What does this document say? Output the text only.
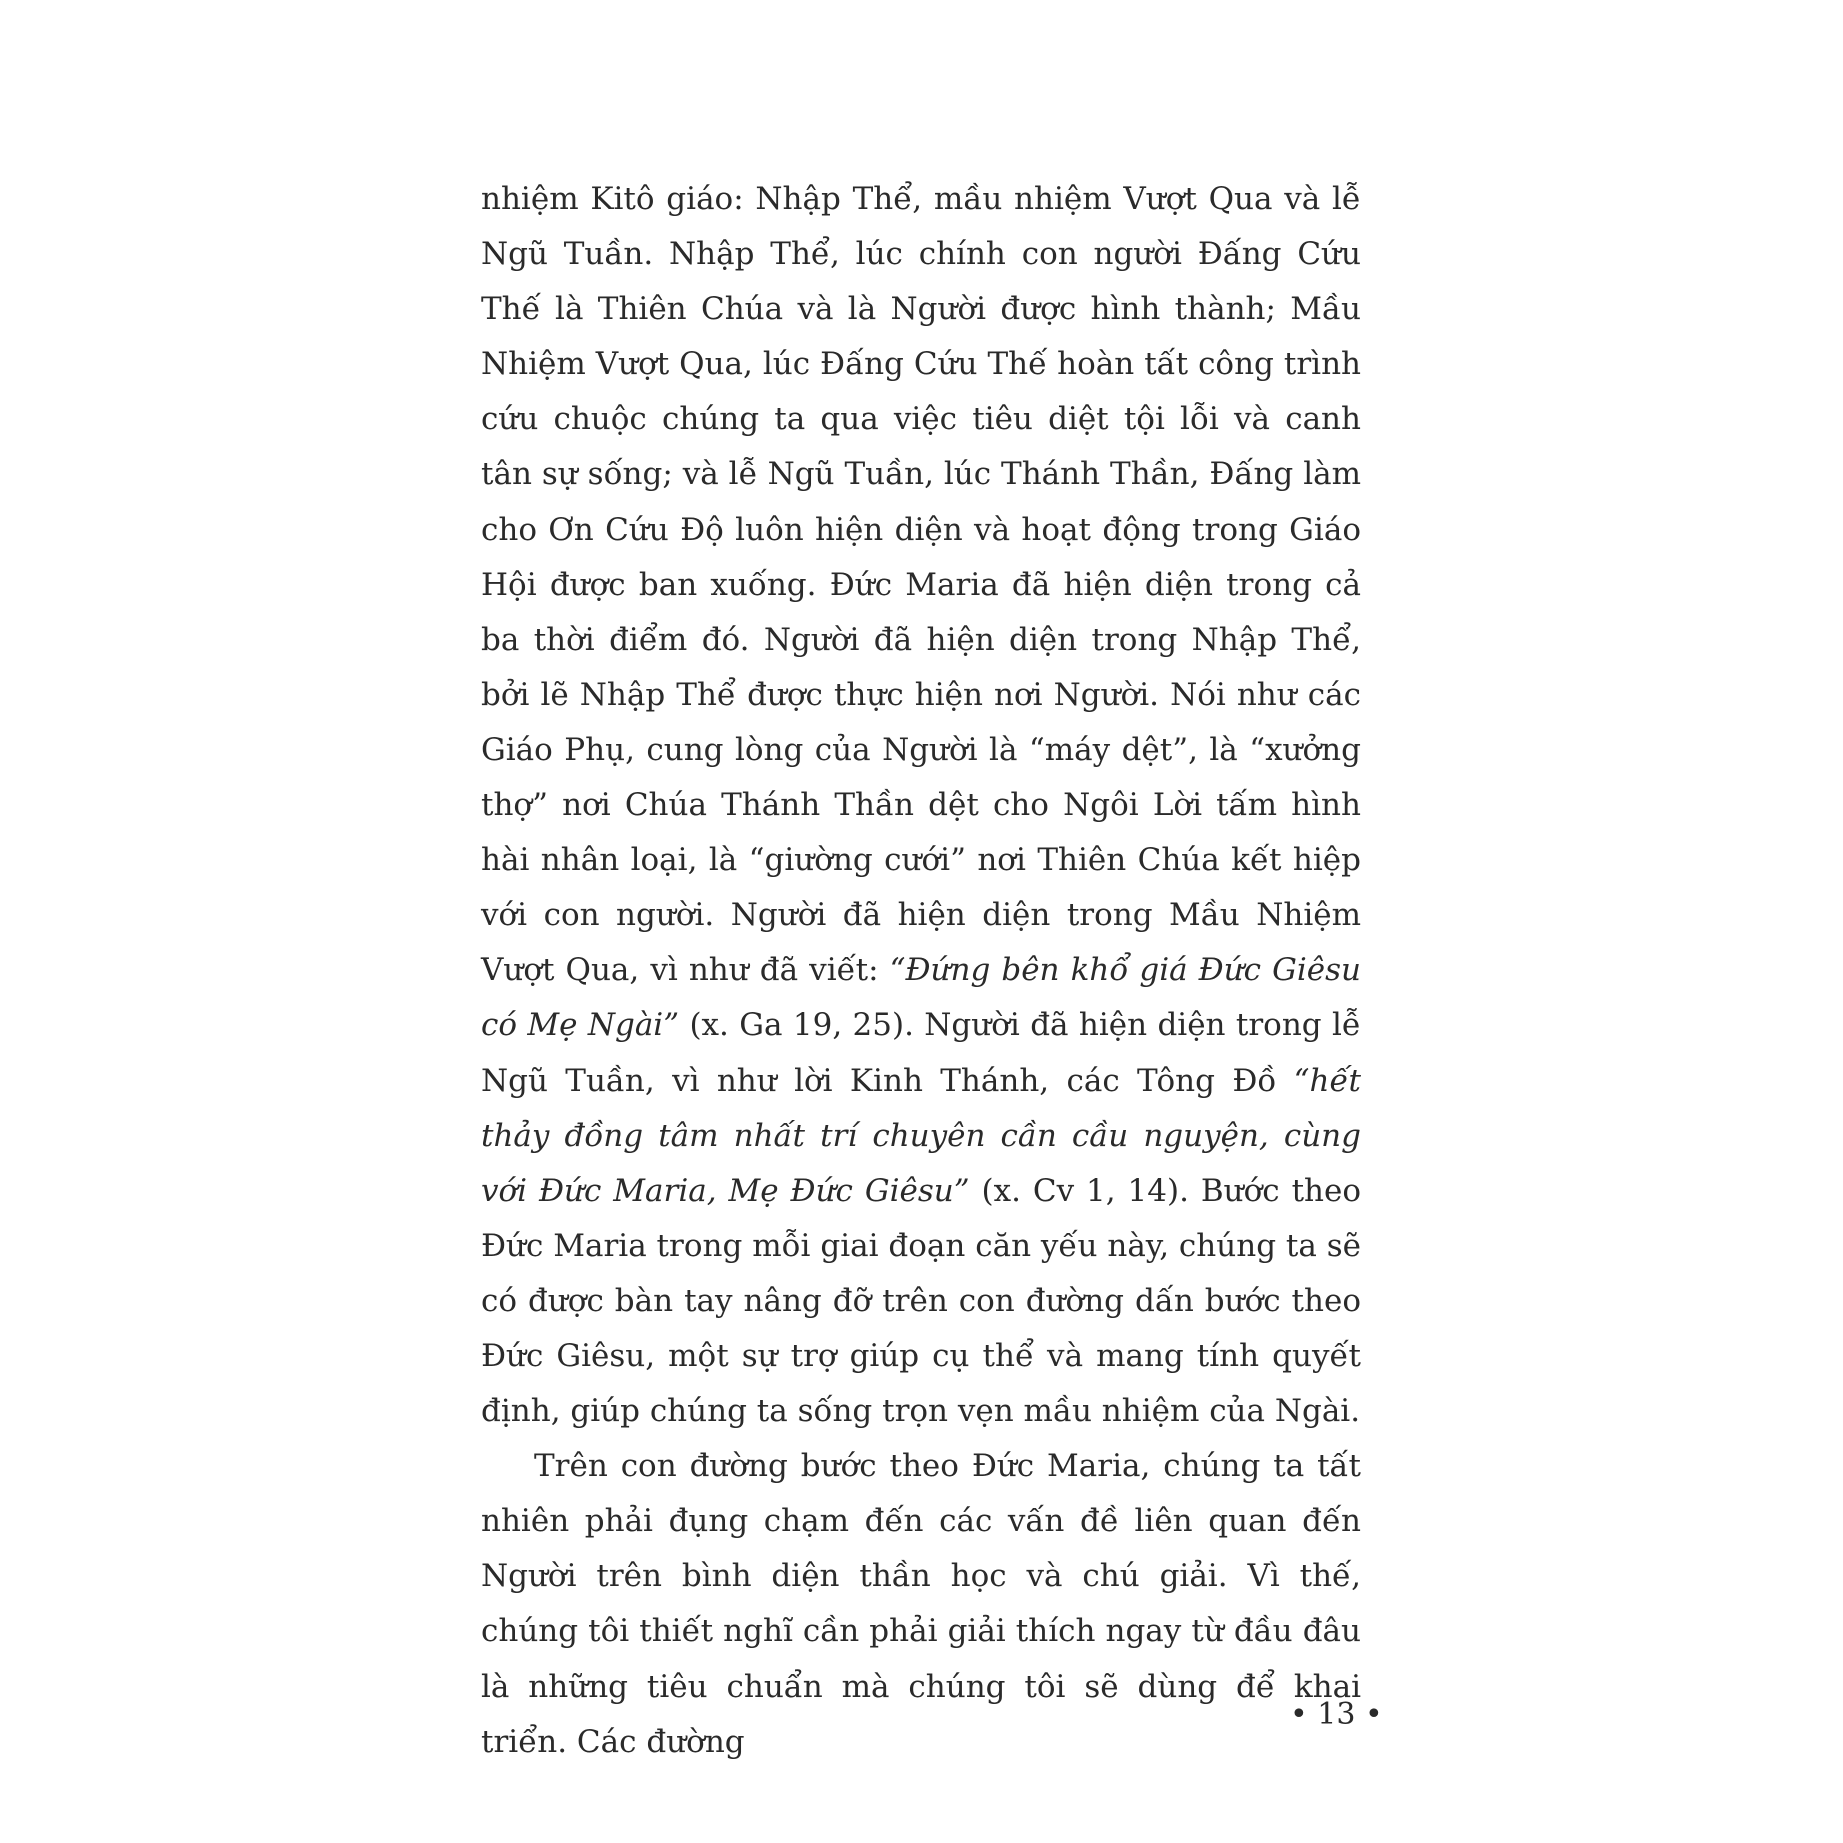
nhiệm Kitô giáo: Nhập Thể, mầu nhiệm Vượt Qua và lễ Ngũ Tuần. Nhập Thể, lúc chính con người Đấng Cứu Thế là Thiên Chúa và là Người được hình thành; Mầu Nhiệm Vượt Qua, lúc Đấng Cứu Thế hoàn tất công trình cứu chuộc chúng ta qua việc tiêu diệt tội lỗi và canh tân sự sống; và lễ Ngũ Tuần, lúc Thánh Thần, Đấng làm cho Ơn Cứu Độ luôn hiện diện và hoạt động trong Giáo Hội được ban xuống. Đức Maria đã hiện diện trong cả ba thời điểm đó. Người đã hiện diện trong Nhập Thể, bởi lẽ Nhập Thể được thực hiện nơi Người. Nói như các Giáo Phụ, cung lòng của Người là “máy dệt”, là “xưởng thợ” nơi Chúa Thánh Thần dệt cho Ngôi Lời tấm hình hài nhân loại, là “giường cưới” nơi Thiên Chúa kết hiệp với con người. Người đã hiện diện trong Mầu Nhiệm Vượt Qua, vì như đã viết: “Đứng bên khổ giá Đức Giêsu có Mẹ Ngài” (x. Ga 19, 25). Người đã hiện diện trong lễ Ngũ Tuần, vì như lời Kinh Thánh, các Tông Đồ “hết thảy đồng tâm nhất trí chuyên cần cầu nguyện, cùng với Đức Maria, Mẹ Đức Giêsu” (x. Cv 1, 14). Bước theo Đức Maria trong mỗi giai đoạn căn yếu này, chúng ta sẽ có được bàn tay nâng đỡ trên con đường dấn bước theo Đức Giêsu, một sự trợ giúp cụ thể và mang tính quyết định, giúp chúng ta sống trọn vẹn mầu nhiệm của Ngài.

Trên con đường bước theo Đức Maria, chúng ta tất nhiên phải đụng chạm đến các vấn đề liên quan đến Người trên bình diện thần học và chú giải. Vì thế, chúng tôi thiết nghĩ cần phải giải thích ngay từ đầu đâu là những tiêu chuẩn mà chúng tôi sẽ dùng để khai triển. Các đường

• 13 •
